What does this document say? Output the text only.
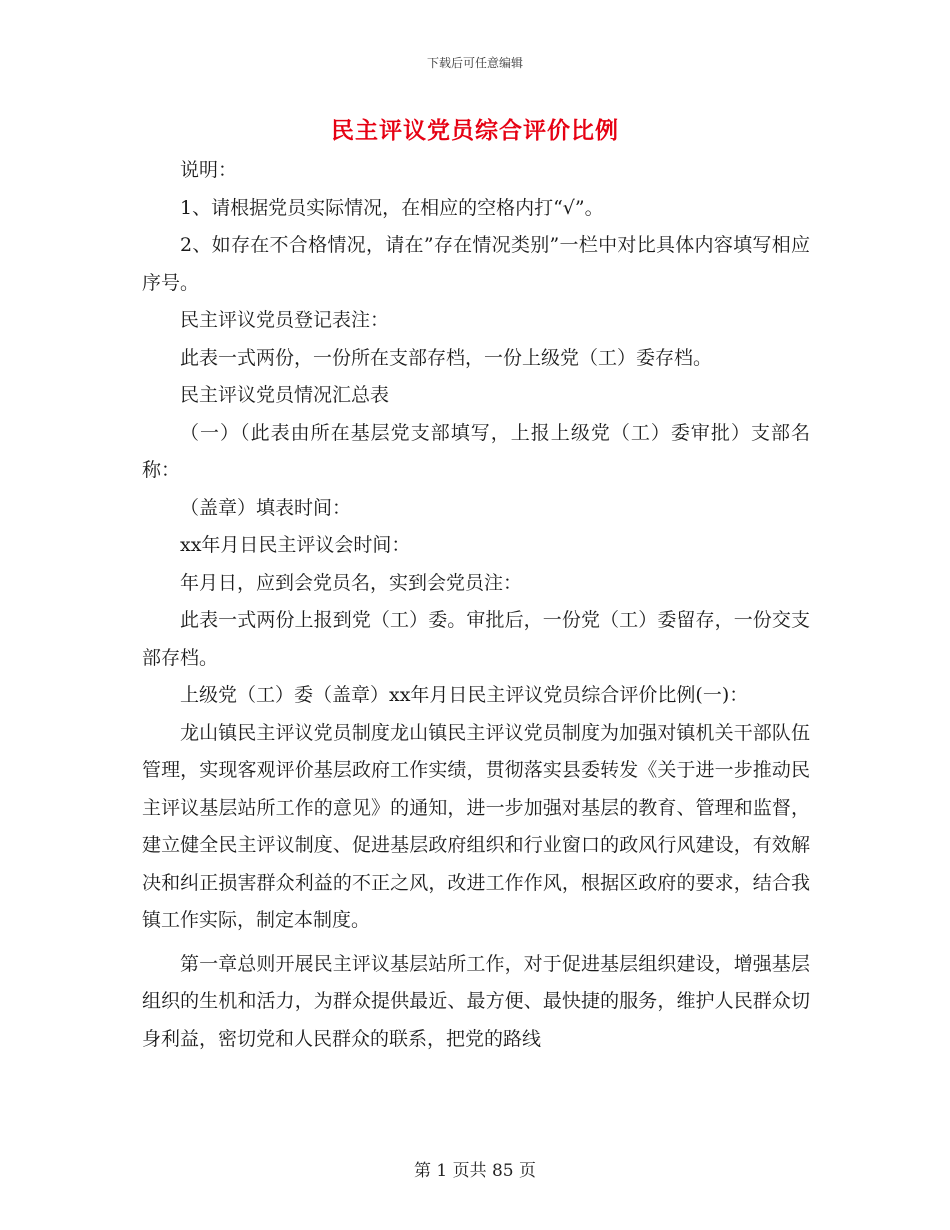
下载后可任意编辑
民主评议党员综合评价比例

说明：

1、请根据党员实际情况，在相应的空格内打“√”。

2、如存在不合格情况，请在”存在情况类别”一栏中对比具体内容填写相应序号。

民主评议党员登记表注：

此表一式两份，一份所在支部存档，一份上级党（工）委存档。

民主评议党员情况汇总表

（一）（此表由所在基层党支部填写，上报上级党（工）委审批）支部名称：

（盖章）填表时间：

xx年月日民主评议会时间：

年月日，应到会党员名，实到会党员注：

此表一式两份上报到党（工）委。审批后，一份党（工）委留存，一份交支部存档。

上级党（工）委（盖章）xx年月日民主评议党员综合评价比例(一)：

龙山镇民主评议党员制度龙山镇民主评议党员制度为加强对镇机关干部队伍管理，实现客观评价基层政府工作实绩，贯彻落实县委转发《关于进一步推动民主评议基层站所工作的意见》的通知，进一步加强对基层的教育、管理和监督，建立健全民主评议制度、促进基层政府组织和行业窗口的政风行风建设，有效解决和纠正损害群众利益的不正之风，改进工作作风，根据区政府的要求，结合我镇工作实际，制定本制度。

第一章总则开展民主评议基层站所工作，对于促进基层组织建设，增强基层组织的生机和活力，为群众提供最近、最方便、最快捷的服务，维护人民群众切身利益，密切党和人民群众的联系，把党的路线

第 1 页共 85 页
